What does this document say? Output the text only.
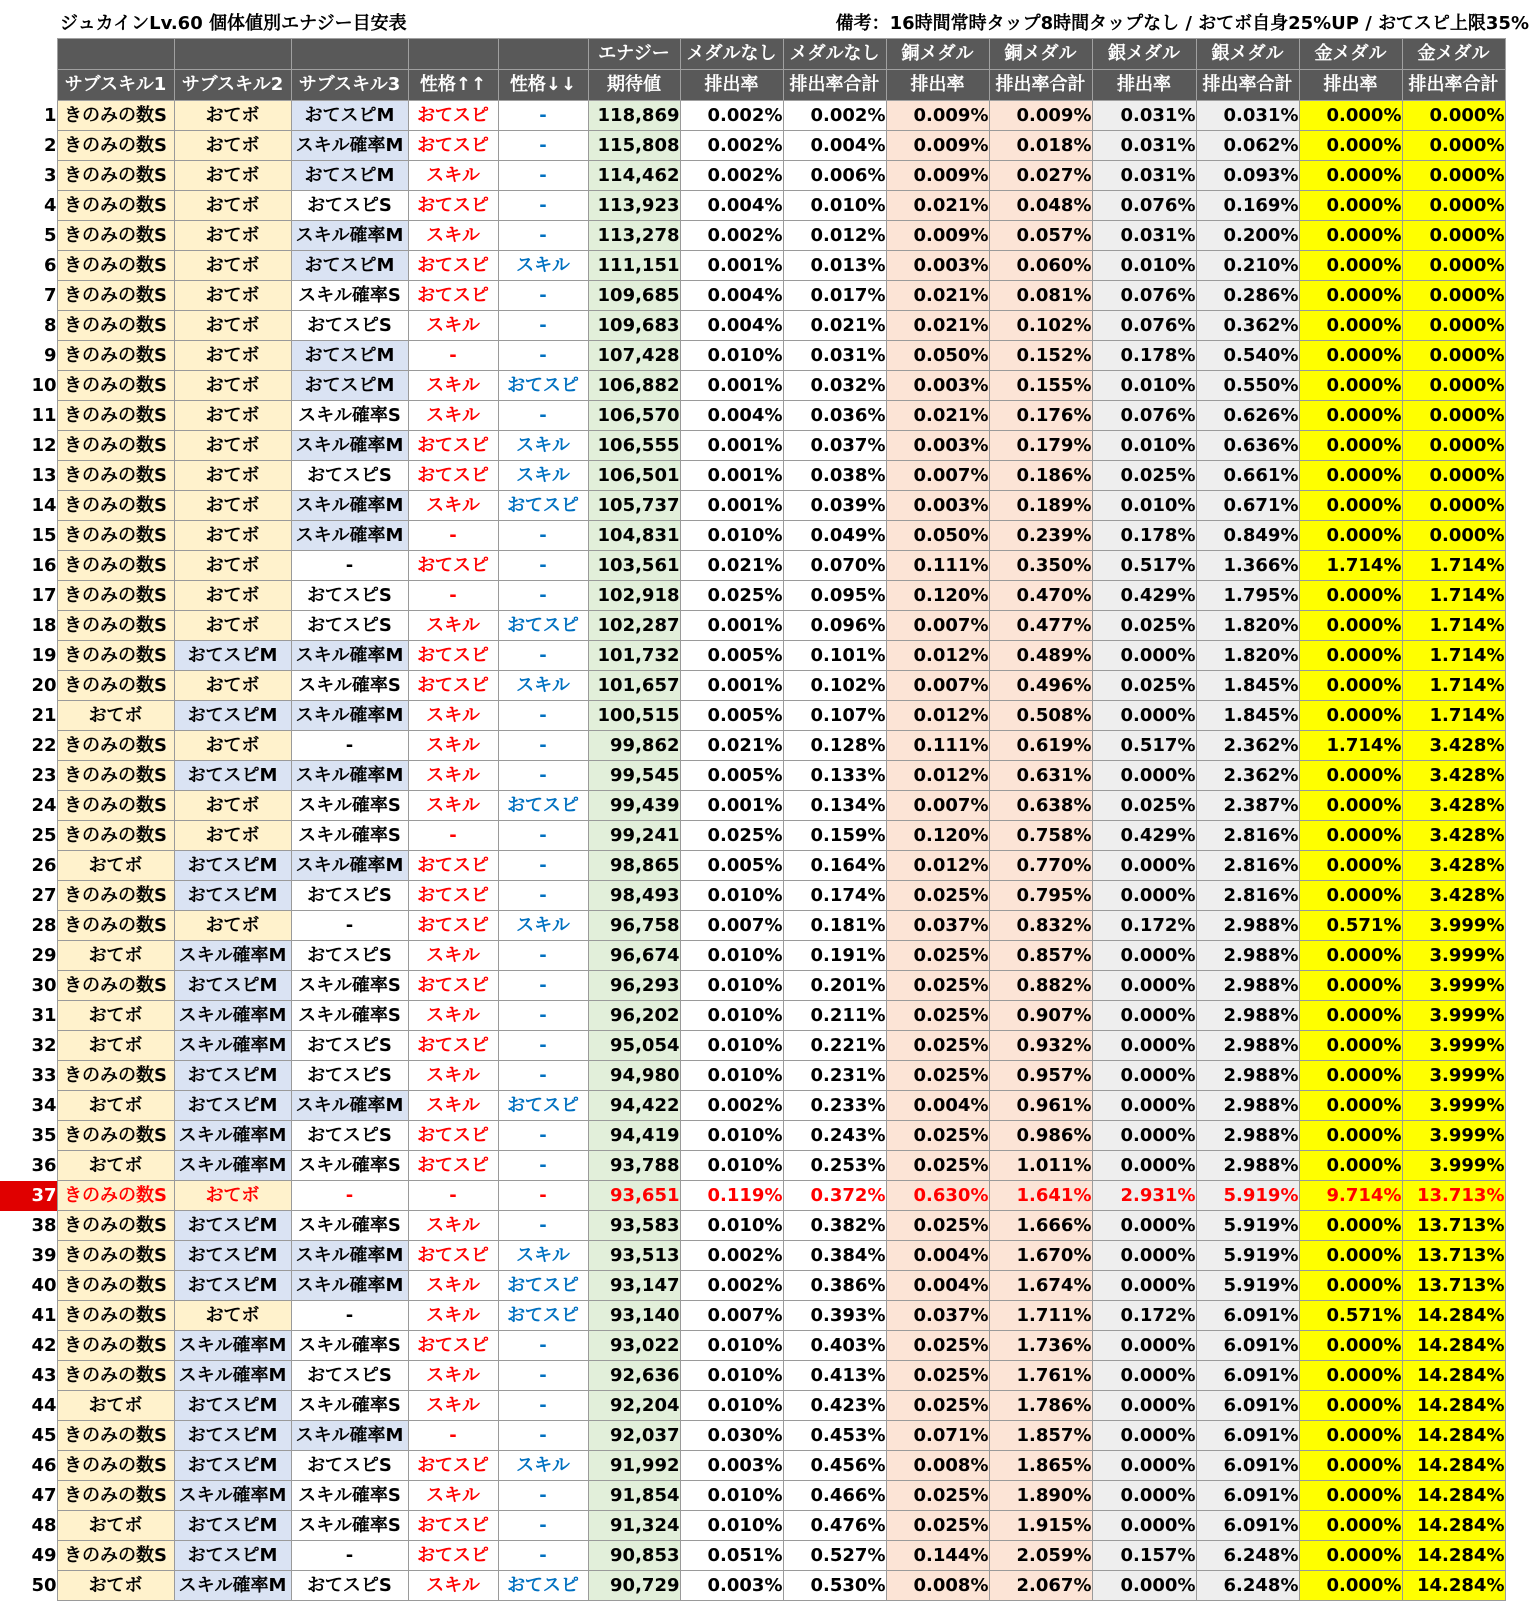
ジュカインLv.60 個体値別エナジー目安表	備考：16時間常時タップ8時間タップなし / おてボ自身25%UP / おてスピ上限35%
						エナジー	メダルなし	メダルなし	銅メダル	銅メダル	銀メダル	銀メダル	金メダル	金メダル
	サブスキル1	サブスキル2	サブスキル3	性格↑↑	性格↓↓	期待値	排出率	排出率合計	排出率	排出率合計	排出率	排出率合計	排出率	排出率合計
1	きのみの数S	おてボ	おてスピM	おてスピ	-	118,869	0.002%	0.002%	0.009%	0.009%	0.031%	0.031%	0.000%	0.000%
2	きのみの数S	おてボ	スキル確率M	おてスピ	-	115,808	0.002%	0.004%	0.009%	0.018%	0.031%	0.062%	0.000%	0.000%
3	きのみの数S	おてボ	おてスピM	スキル	-	114,462	0.002%	0.006%	0.009%	0.027%	0.031%	0.093%	0.000%	0.000%
4	きのみの数S	おてボ	おてスピS	おてスピ	-	113,923	0.004%	0.010%	0.021%	0.048%	0.076%	0.169%	0.000%	0.000%
5	きのみの数S	おてボ	スキル確率M	スキル	-	113,278	0.002%	0.012%	0.009%	0.057%	0.031%	0.200%	0.000%	0.000%
6	きのみの数S	おてボ	おてスピM	おてスピ	スキル	111,151	0.001%	0.013%	0.003%	0.060%	0.010%	0.210%	0.000%	0.000%
7	きのみの数S	おてボ	スキル確率S	おてスピ	-	109,685	0.004%	0.017%	0.021%	0.081%	0.076%	0.286%	0.000%	0.000%
8	きのみの数S	おてボ	おてスピS	スキル	-	109,683	0.004%	0.021%	0.021%	0.102%	0.076%	0.362%	0.000%	0.000%
9	きのみの数S	おてボ	おてスピM	-	-	107,428	0.010%	0.031%	0.050%	0.152%	0.178%	0.540%	0.000%	0.000%
10	きのみの数S	おてボ	おてスピM	スキル	おてスピ	106,882	0.001%	0.032%	0.003%	0.155%	0.010%	0.550%	0.000%	0.000%
11	きのみの数S	おてボ	スキル確率S	スキル	-	106,570	0.004%	0.036%	0.021%	0.176%	0.076%	0.626%	0.000%	0.000%
12	きのみの数S	おてボ	スキル確率M	おてスピ	スキル	106,555	0.001%	0.037%	0.003%	0.179%	0.010%	0.636%	0.000%	0.000%
13	きのみの数S	おてボ	おてスピS	おてスピ	スキル	106,501	0.001%	0.038%	0.007%	0.186%	0.025%	0.661%	0.000%	0.000%
14	きのみの数S	おてボ	スキル確率M	スキル	おてスピ	105,737	0.001%	0.039%	0.003%	0.189%	0.010%	0.671%	0.000%	0.000%
15	きのみの数S	おてボ	スキル確率M	-	-	104,831	0.010%	0.049%	0.050%	0.239%	0.178%	0.849%	0.000%	0.000%
16	きのみの数S	おてボ	-	おてスピ	-	103,561	0.021%	0.070%	0.111%	0.350%	0.517%	1.366%	1.714%	1.714%
17	きのみの数S	おてボ	おてスピS	-	-	102,918	0.025%	0.095%	0.120%	0.470%	0.429%	1.795%	0.000%	1.714%
18	きのみの数S	おてボ	おてスピS	スキル	おてスピ	102,287	0.001%	0.096%	0.007%	0.477%	0.025%	1.820%	0.000%	1.714%
19	きのみの数S	おてスピM	スキル確率M	おてスピ	-	101,732	0.005%	0.101%	0.012%	0.489%	0.000%	1.820%	0.000%	1.714%
20	きのみの数S	おてボ	スキル確率S	おてスピ	スキル	101,657	0.001%	0.102%	0.007%	0.496%	0.025%	1.845%	0.000%	1.714%
21	おてボ	おてスピM	スキル確率M	スキル	-	100,515	0.005%	0.107%	0.012%	0.508%	0.000%	1.845%	0.000%	1.714%
22	きのみの数S	おてボ	-	スキル	-	99,862	0.021%	0.128%	0.111%	0.619%	0.517%	2.362%	1.714%	3.428%
23	きのみの数S	おてスピM	スキル確率M	スキル	-	99,545	0.005%	0.133%	0.012%	0.631%	0.000%	2.362%	0.000%	3.428%
24	きのみの数S	おてボ	スキル確率S	スキル	おてスピ	99,439	0.001%	0.134%	0.007%	0.638%	0.025%	2.387%	0.000%	3.428%
25	きのみの数S	おてボ	スキル確率S	-	-	99,241	0.025%	0.159%	0.120%	0.758%	0.429%	2.816%	0.000%	3.428%
26	おてボ	おてスピM	スキル確率M	おてスピ	-	98,865	0.005%	0.164%	0.012%	0.770%	0.000%	2.816%	0.000%	3.428%
27	きのみの数S	おてスピM	おてスピS	おてスピ	-	98,493	0.010%	0.174%	0.025%	0.795%	0.000%	2.816%	0.000%	3.428%
28	きのみの数S	おてボ	-	おてスピ	スキル	96,758	0.007%	0.181%	0.037%	0.832%	0.172%	2.988%	0.571%	3.999%
29	おてボ	スキル確率M	おてスピS	スキル	-	96,674	0.010%	0.191%	0.025%	0.857%	0.000%	2.988%	0.000%	3.999%
30	きのみの数S	おてスピM	スキル確率S	おてスピ	-	96,293	0.010%	0.201%	0.025%	0.882%	0.000%	2.988%	0.000%	3.999%
31	おてボ	スキル確率M	スキル確率S	スキル	-	96,202	0.010%	0.211%	0.025%	0.907%	0.000%	2.988%	0.000%	3.999%
32	おてボ	スキル確率M	おてスピS	おてスピ	-	95,054	0.010%	0.221%	0.025%	0.932%	0.000%	2.988%	0.000%	3.999%
33	きのみの数S	おてスピM	おてスピS	スキル	-	94,980	0.010%	0.231%	0.025%	0.957%	0.000%	2.988%	0.000%	3.999%
34	おてボ	おてスピM	スキル確率M	スキル	おてスピ	94,422	0.002%	0.233%	0.004%	0.961%	0.000%	2.988%	0.000%	3.999%
35	きのみの数S	スキル確率M	おてスピS	おてスピ	-	94,419	0.010%	0.243%	0.025%	0.986%	0.000%	2.988%	0.000%	3.999%
36	おてボ	スキル確率M	スキル確率S	おてスピ	-	93,788	0.010%	0.253%	0.025%	1.011%	0.000%	2.988%	0.000%	3.999%
37	きのみの数S	おてボ	-	-	-	93,651	0.119%	0.372%	0.630%	1.641%	2.931%	5.919%	9.714%	13.713%
38	きのみの数S	おてスピM	スキル確率S	スキル	-	93,583	0.010%	0.382%	0.025%	1.666%	0.000%	5.919%	0.000%	13.713%
39	きのみの数S	おてスピM	スキル確率M	おてスピ	スキル	93,513	0.002%	0.384%	0.004%	1.670%	0.000%	5.919%	0.000%	13.713%
40	きのみの数S	おてスピM	スキル確率M	スキル	おてスピ	93,147	0.002%	0.386%	0.004%	1.674%	0.000%	5.919%	0.000%	13.713%
41	きのみの数S	おてボ	-	スキル	おてスピ	93,140	0.007%	0.393%	0.037%	1.711%	0.172%	6.091%	0.571%	14.284%
42	きのみの数S	スキル確率M	スキル確率S	おてスピ	-	93,022	0.010%	0.403%	0.025%	1.736%	0.000%	6.091%	0.000%	14.284%
43	きのみの数S	スキル確率M	おてスピS	スキル	-	92,636	0.010%	0.413%	0.025%	1.761%	0.000%	6.091%	0.000%	14.284%
44	おてボ	おてスピM	スキル確率S	スキル	-	92,204	0.010%	0.423%	0.025%	1.786%	0.000%	6.091%	0.000%	14.284%
45	きのみの数S	おてスピM	スキル確率M	-	-	92,037	0.030%	0.453%	0.071%	1.857%	0.000%	6.091%	0.000%	14.284%
46	きのみの数S	おてスピM	おてスピS	おてスピ	スキル	91,992	0.003%	0.456%	0.008%	1.865%	0.000%	6.091%	0.000%	14.284%
47	きのみの数S	スキル確率M	スキル確率S	スキル	-	91,854	0.010%	0.466%	0.025%	1.890%	0.000%	6.091%	0.000%	14.284%
48	おてボ	おてスピM	スキル確率S	おてスピ	-	91,324	0.010%	0.476%	0.025%	1.915%	0.000%	6.091%	0.000%	14.284%
49	きのみの数S	おてスピM	-	おてスピ	-	90,853	0.051%	0.527%	0.144%	2.059%	0.157%	6.248%	0.000%	14.284%
50	おてボ	スキル確率M	おてスピS	スキル	おてスピ	90,729	0.003%	0.530%	0.008%	2.067%	0.000%	6.248%	0.000%	14.284%
